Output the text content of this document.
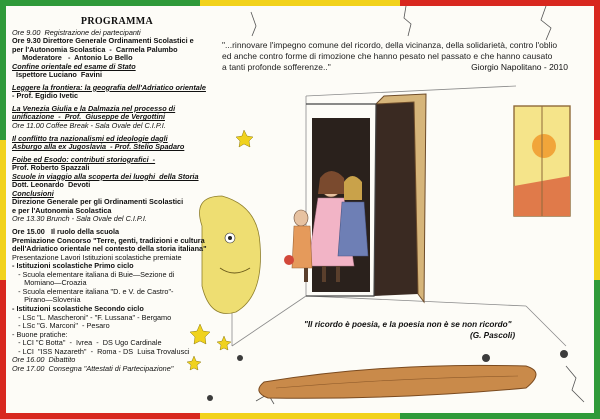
PROGRAMMA
Ore 9.00  Registrazione dei partecipanti
Ore 9.30 Direttore Generale Ordinamenti Scolastici e
per l'Autonomia Scolastica  -  Carmela Palumbo
Moderatore   -  Antonio Lo Bello
Confine orientale ed esame di Stato
Ispettore Luciano  Favini
Leggere la frontiera: la geografia dell'Adriatico orientale
- Prof. Egidio Ivetic
La Venezia Giulia e la Dalmazia nel processo di
unificazione  -  Prof.  Giuseppe de Vergottini
Ore 11.00 Coffee Break - Sala Ovale del C.I.P.I.
Il conflitto tra nazionalismi ed ideologie dagli
Asburgo alla ex Jugoslavia  - Prof. Stelio Spadaro
Foibe ed Esodo: contributi storiografici  -
Prof. Roberto Spazzali
Scuole in viaggio alla scoperta dei luoghi  della Storia
Dott. Leonardo  Devoti
Conclusioni
Direzione Generale per gli Ordinamenti Scolastici
e per l'Autonomia Scolastica
Ore 13.30 Brunch - Sala Ovale del C.I.P.I.
Ore 15.00   Il ruolo della scuola
Premiazione Concorso "Terre, genti, tradizioni e cultura
dell'Adriatico orientale nel contesto della storia italiana"
Presentazione Lavori Istituzioni scolastiche premiate
- Istituzioni scolastiche Primo ciclo
- Scuola elementare italiana di Buie—Sezione di
Momiano—Croazia
- Scuola elementare italiana "D. e V. de Castro"-
Pirano—Slovenia
- Istituzioni scolastiche Secondo ciclo
- LSc "L. Mascheroni" - "F. Lussana" - Bergamo
- LSc "G. Marconi"  - Pesaro
- Buone pratiche:
- LCI "C Botta"  -  Ivrea  -  DS Ugo Cardinale
- LCI  "ISS Nazareth"  -  Roma - DS  Luisa Trovalusci
Ore 16.00  Dibattito
Ore 17.00  Consegna "Attestati di Partecipazione"
"...rinnovare l'impegno comune del ricordo, della vicinanza, della solidarietà, contro l'oblio
ed anche contro forme di rimozione che hanno pesato nel passato e che hanno causato
a tanti profonde sofferenze.."	Giorgio Napolitano - 2010
"Il ricordo è poesia, e la poesia non è se non ricordo"
(G. Pascoli)
